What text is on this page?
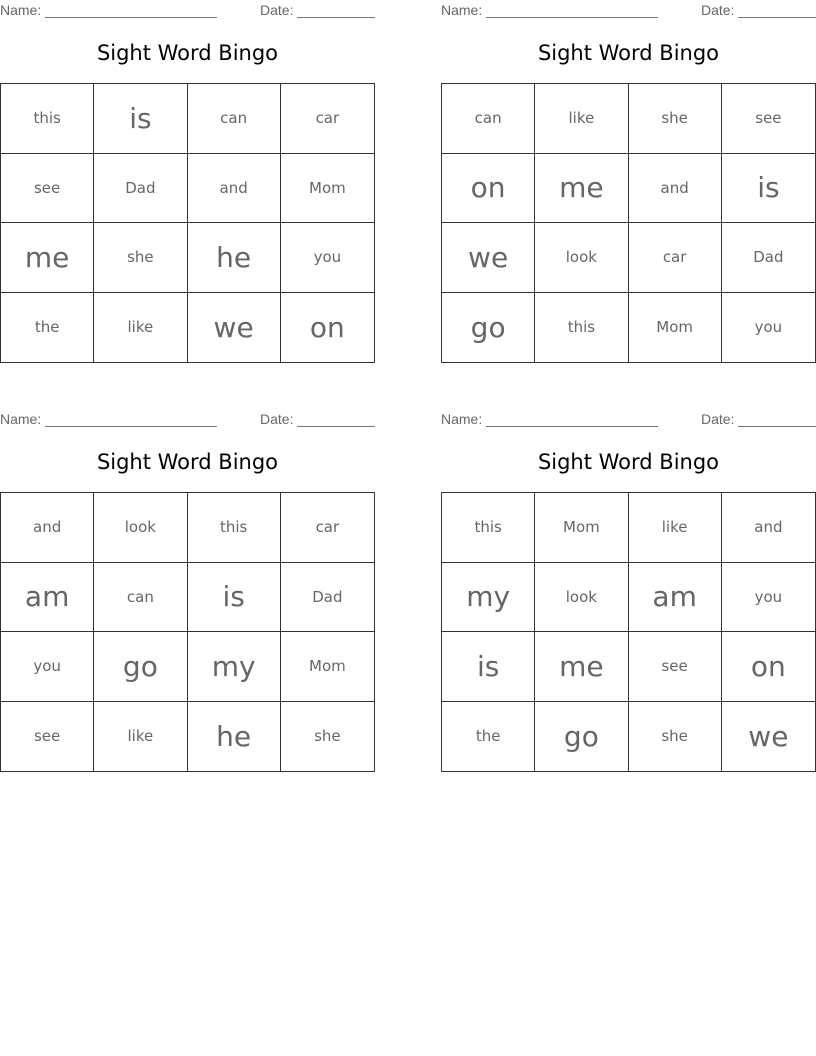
Name:	Date:
Sight Word Bingo
this	is	can	car
see	Dad	and	Mom
me	she	he	you
the	like	we	on
Name:	Date:
Sight Word Bingo
can	like	she	see
on	me	and	is
we	look	car	Dad
go	this	Mom	you
Name:	Date:
Sight Word Bingo
and	look	this	car
am	can	is	Dad
you	go	my	Mom
see	like	he	she
Name:	Date:
Sight Word Bingo
this	Mom	like	and
my	look	am	you
is	me	see	on
the	go	she	we
